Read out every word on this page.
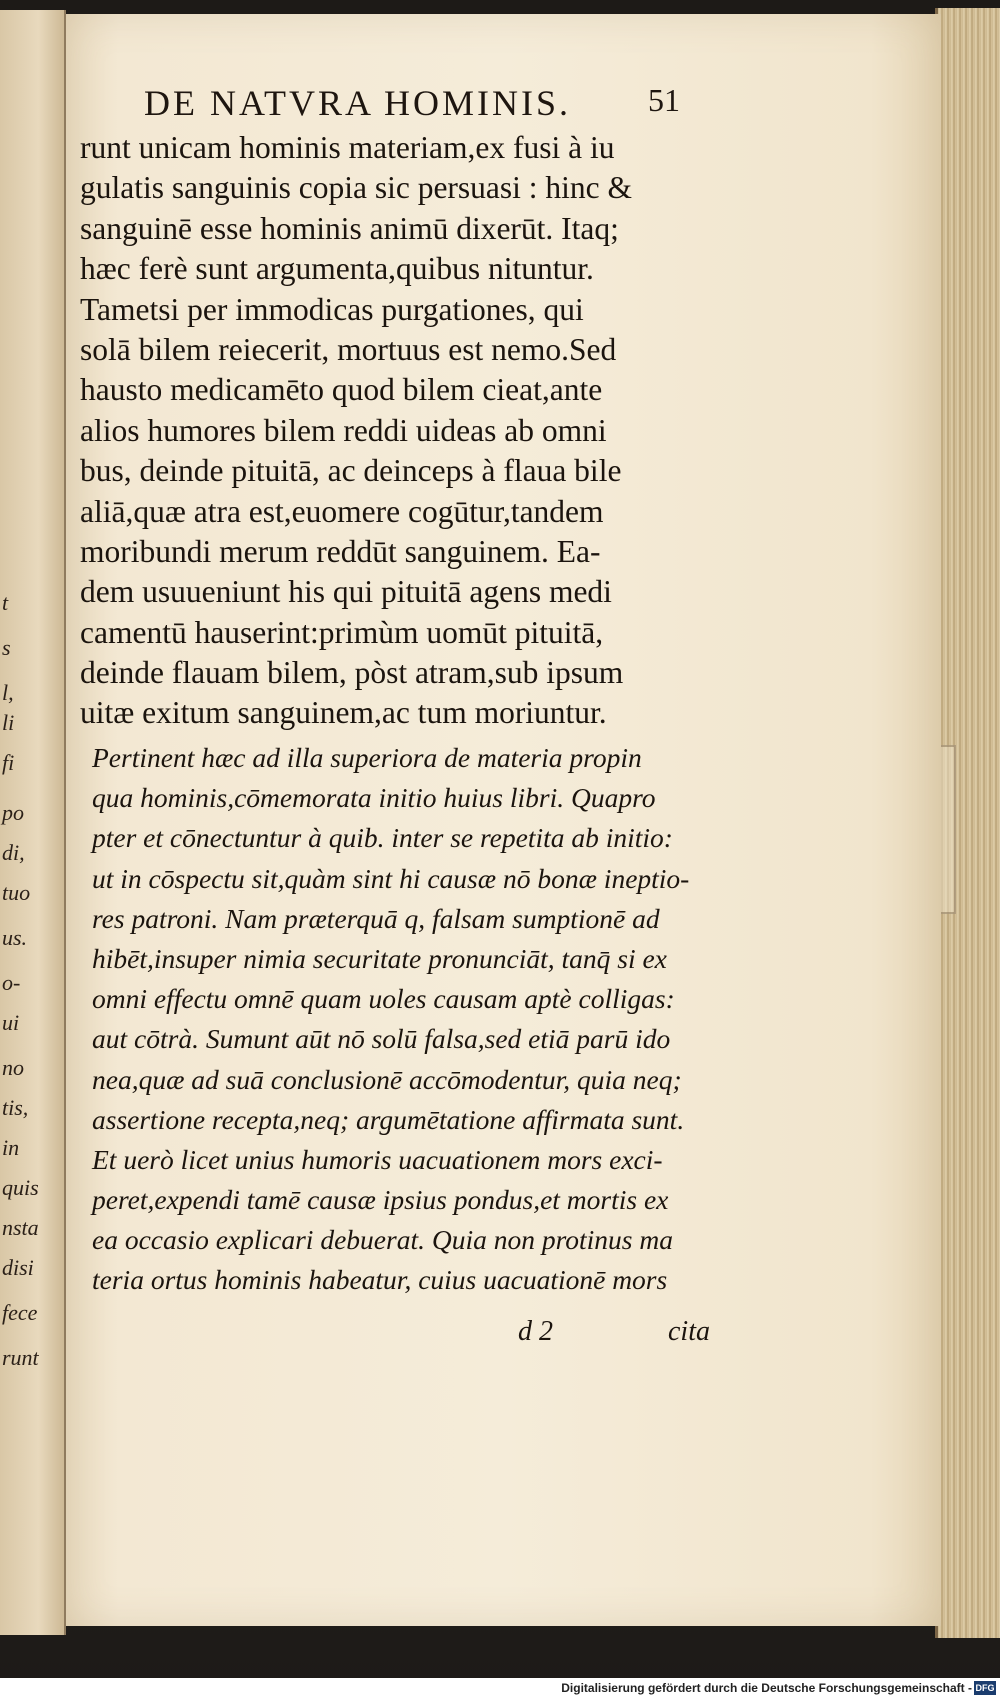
t
s
l,
li
fi
po
di,
tuo
us.
o-
ui
no
tis,
in
quis
nsta
disi
fece
runt
DE NATVRA HOMINIS. 51
runt unicam hominis materiam,ex fusi à iu
gulatis sanguinis copia sic persuasi : hinc &
sanguinē esse hominis animū dixerūt. Itaq;
hæc ferè sunt argumenta,quibus nituntur.
Tametsi per immodicas purgationes, qui
solā bilem reiecerit, mortuus est nemo.Sed
hausto medicamēto quod bilem cieat,ante
alios humores bilem reddi uideas ab omni
bus, deinde pituitā, ac deinceps à flaua bile
aliā,quæ atra est,euomere cogūtur,tandem
moribundi merum reddūt sanguinem. Ea-
dem usuueniunt his qui pituitā agens medi
camentū hauserint:primùm uomūt pituitā,
deinde flauam bilem, pòst atram,sub ipsum
uitæ exitum sanguinem,ac tum moriuntur.
Pertinent hæc ad illa superiora de materia propin
qua hominis,cōmemorata initio huius libri. Quapro
pter et cōnectuntur à quib. inter se repetita ab initio:
ut in cōspectu sit,quàm sint hi causæ nō bonæ ineptio-
res patroni. Nam præterquā q, falsam sumptionē ad
hibēt,insuper nimia securitate pronunciāt, tanq̄ si ex
omni effectu omnē quam uoles causam aptè colligas:
aut cōtrà. Sumunt aūt nō solū falsa,sed etiā parū ido
nea,quæ ad suā conclusionē accōmodentur, quia neq;
assertione recepta,neq; argumētatione affirmata sunt.
Et uerò licet unius humoris uacuationem mors exci-
peret,expendi tamē causæ ipsius pondus,et mortis ex
ea occasio explicari debuerat. Quia non protinus ma
teria ortus hominis habeatur, cuius uacuationē mors
d 2	cita
Digitalisierung gefördert durch die Deutsche Forschungsgemeinschaft - DFG
